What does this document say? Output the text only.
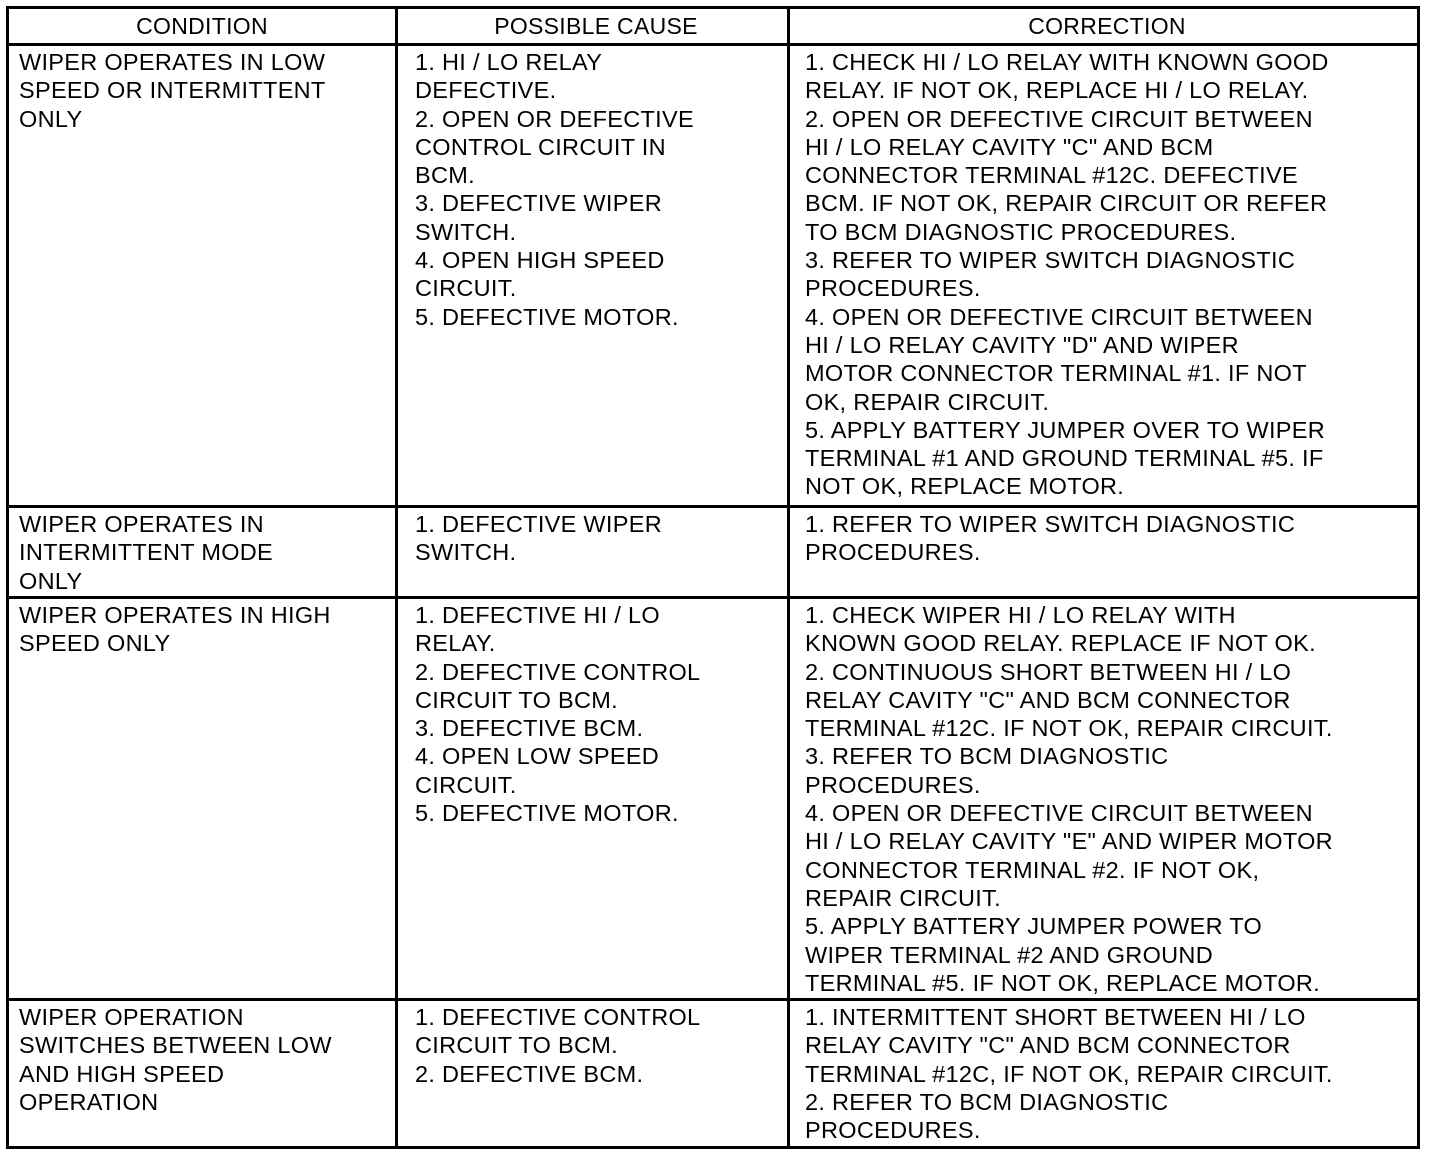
CONDITION	POSSIBLE CAUSE	CORRECTION
WIPER OPERATES IN LOW
SPEED OR INTERMITTENT
ONLY
1. HI / LO RELAY
DEFECTIVE.
2. OPEN OR DEFECTIVE
CONTROL CIRCUIT IN
BCM.
3. DEFECTIVE WIPER
SWITCH.
4. OPEN HIGH SPEED
CIRCUIT.
5. DEFECTIVE MOTOR.
1. CHECK HI / LO RELAY WITH KNOWN GOOD
RELAY. IF NOT OK, REPLACE HI / LO RELAY.
2. OPEN OR DEFECTIVE CIRCUIT BETWEEN
HI / LO RELAY CAVITY "C" AND BCM
CONNECTOR TERMINAL #12C. DEFECTIVE
BCM. IF NOT OK, REPAIR CIRCUIT OR REFER
TO BCM DIAGNOSTIC PROCEDURES.
3. REFER TO WIPER SWITCH DIAGNOSTIC
PROCEDURES.
4. OPEN OR DEFECTIVE CIRCUIT BETWEEN
HI / LO RELAY CAVITY "D" AND WIPER
MOTOR CONNECTOR TERMINAL #1. IF NOT
OK, REPAIR CIRCUIT.
5. APPLY BATTERY JUMPER OVER TO WIPER
TERMINAL #1 AND GROUND TERMINAL #5. IF
NOT OK, REPLACE MOTOR.
WIPER OPERATES IN
INTERMITTENT MODE
ONLY
1. DEFECTIVE WIPER
SWITCH.
1. REFER TO WIPER SWITCH DIAGNOSTIC
PROCEDURES.
WIPER OPERATES IN HIGH
SPEED ONLY
1. DEFECTIVE HI / LO
RELAY.
2. DEFECTIVE CONTROL
CIRCUIT TO BCM.
3. DEFECTIVE BCM.
4. OPEN LOW SPEED
CIRCUIT.
5. DEFECTIVE MOTOR.
1. CHECK WIPER HI / LO RELAY WITH
KNOWN GOOD RELAY. REPLACE IF NOT OK.
2. CONTINUOUS SHORT BETWEEN HI / LO
RELAY CAVITY "C" AND BCM CONNECTOR
TERMINAL #12C. IF NOT OK, REPAIR CIRCUIT.
3. REFER TO BCM DIAGNOSTIC
PROCEDURES.
4. OPEN OR DEFECTIVE CIRCUIT BETWEEN
HI / LO RELAY CAVITY "E" AND WIPER MOTOR
CONNECTOR TERMINAL #2. IF NOT OK,
REPAIR CIRCUIT.
5. APPLY BATTERY JUMPER POWER TO
WIPER TERMINAL #2 AND GROUND
TERMINAL #5. IF NOT OK, REPLACE MOTOR.
WIPER OPERATION
SWITCHES BETWEEN LOW
AND HIGH SPEED
OPERATION
1. DEFECTIVE CONTROL
CIRCUIT TO BCM.
2. DEFECTIVE BCM.
1. INTERMITTENT SHORT BETWEEN HI / LO
RELAY CAVITY "C" AND BCM CONNECTOR
TERMINAL #12C, IF NOT OK, REPAIR CIRCUIT.
2. REFER TO BCM DIAGNOSTIC
PROCEDURES.
